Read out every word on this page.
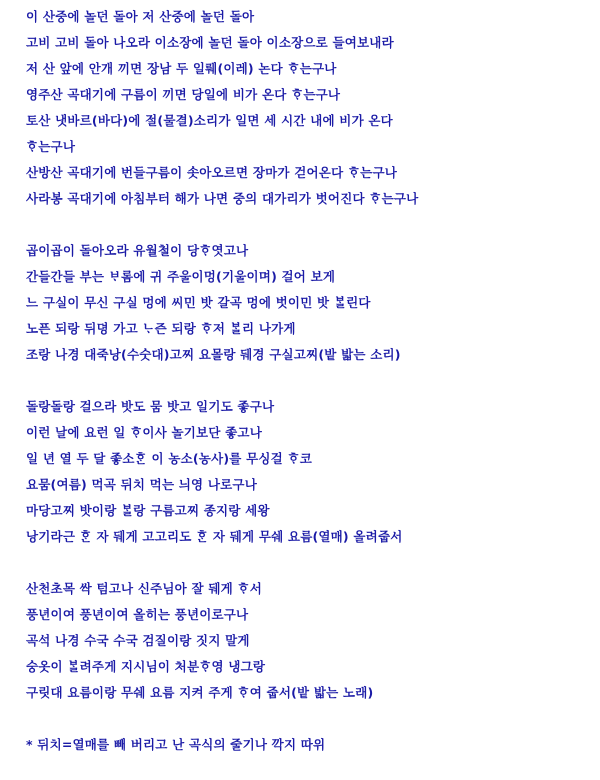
이 산중에 놀던 돌아 저 산중에 놀던 돌아
고비 고비 돌아 나오라 이소장에 놀던 돌아 이소장으로 들여보내라
저 산 앞에 안개 끼면 장남 두 일뤠(이레) 논다 ᄒᆞ는구나
영주산 곡대기에 구름이 끼면 당일에 비가 온다 ᄒᆞ는구나
토산 냇바르(바다)에 절(물결)소리가 일면 세 시간 내에 비가 온다
ᄒᆞ는구나
산방산 곡대기에 번들구름이 솟아오르면 장마가 걷어온다 ᄒᆞ는구나
사라봉 곡대기에 아침부터 해가 나면 중의 대가리가 벗어진다 ᄒᆞ는구나
곱이곱이 돌아오라 유월철이 당ᄒᆞ엿고나
간들간들 부는 ᄇᆞ롬에 귀 주울이멍(기울이며) 걸어 보게
느 구실이 무신 구실 멍에 씨민 밧 갈곡 멍에 벗이민 밧 ᄇᆞᆯ린다
노픈 되랑 뒤뎡 가고 ᄂᆞ즌 되랑 ᄒᆞ저 ᄇᆞᆯ리 나가게
조랑 나경 대죽낭(수숫대)고찌 요몰랑 뒈경 구실고찌(밭 밟는 소리)
돌랑돌랑 걸으라 밧도 뭄 밧고 일기도 좋구나
이런 날에 요런 일 ᄒᆞ이사 놀기보단 좋고나
일 년 열 두 달 좋소ᄒᆞᆫ 이 농소(농사)를 무싱걸 ᄒᆞ코
요뭄(여름) 먹곡 뒤치 먹는 늬영 나로구나
마당고찌 밧이랑 ᄇᆞᆯ랑 구름고찌 종지랑 세왕
낭기라근 ᄒᆞᆫ 자 뒈게 고고리도 ᄒᆞᆫ 자 뒈게 무쉐 요름(열매) 올려줍서
산천초목 싹 텀고나 신주님아 잘 뒈게 ᄒᆞ서
풍년이여 풍년이여 올히는 풍년이로구나
곡석 나경 수국 수국 검질이랑 짓지 말게
숭옷이 ᄇᆞᆯ려주게 지시님이 처분ᄒᆞ영 냉그랑
구릿대 요름이랑 무쉐 요름 지켜 주게 ᄒᆞ여 줍서(밭 밟는 노래)
* 뒤치=열매를 빼 버리고 난 곡식의 줄기나 깍지 따위
